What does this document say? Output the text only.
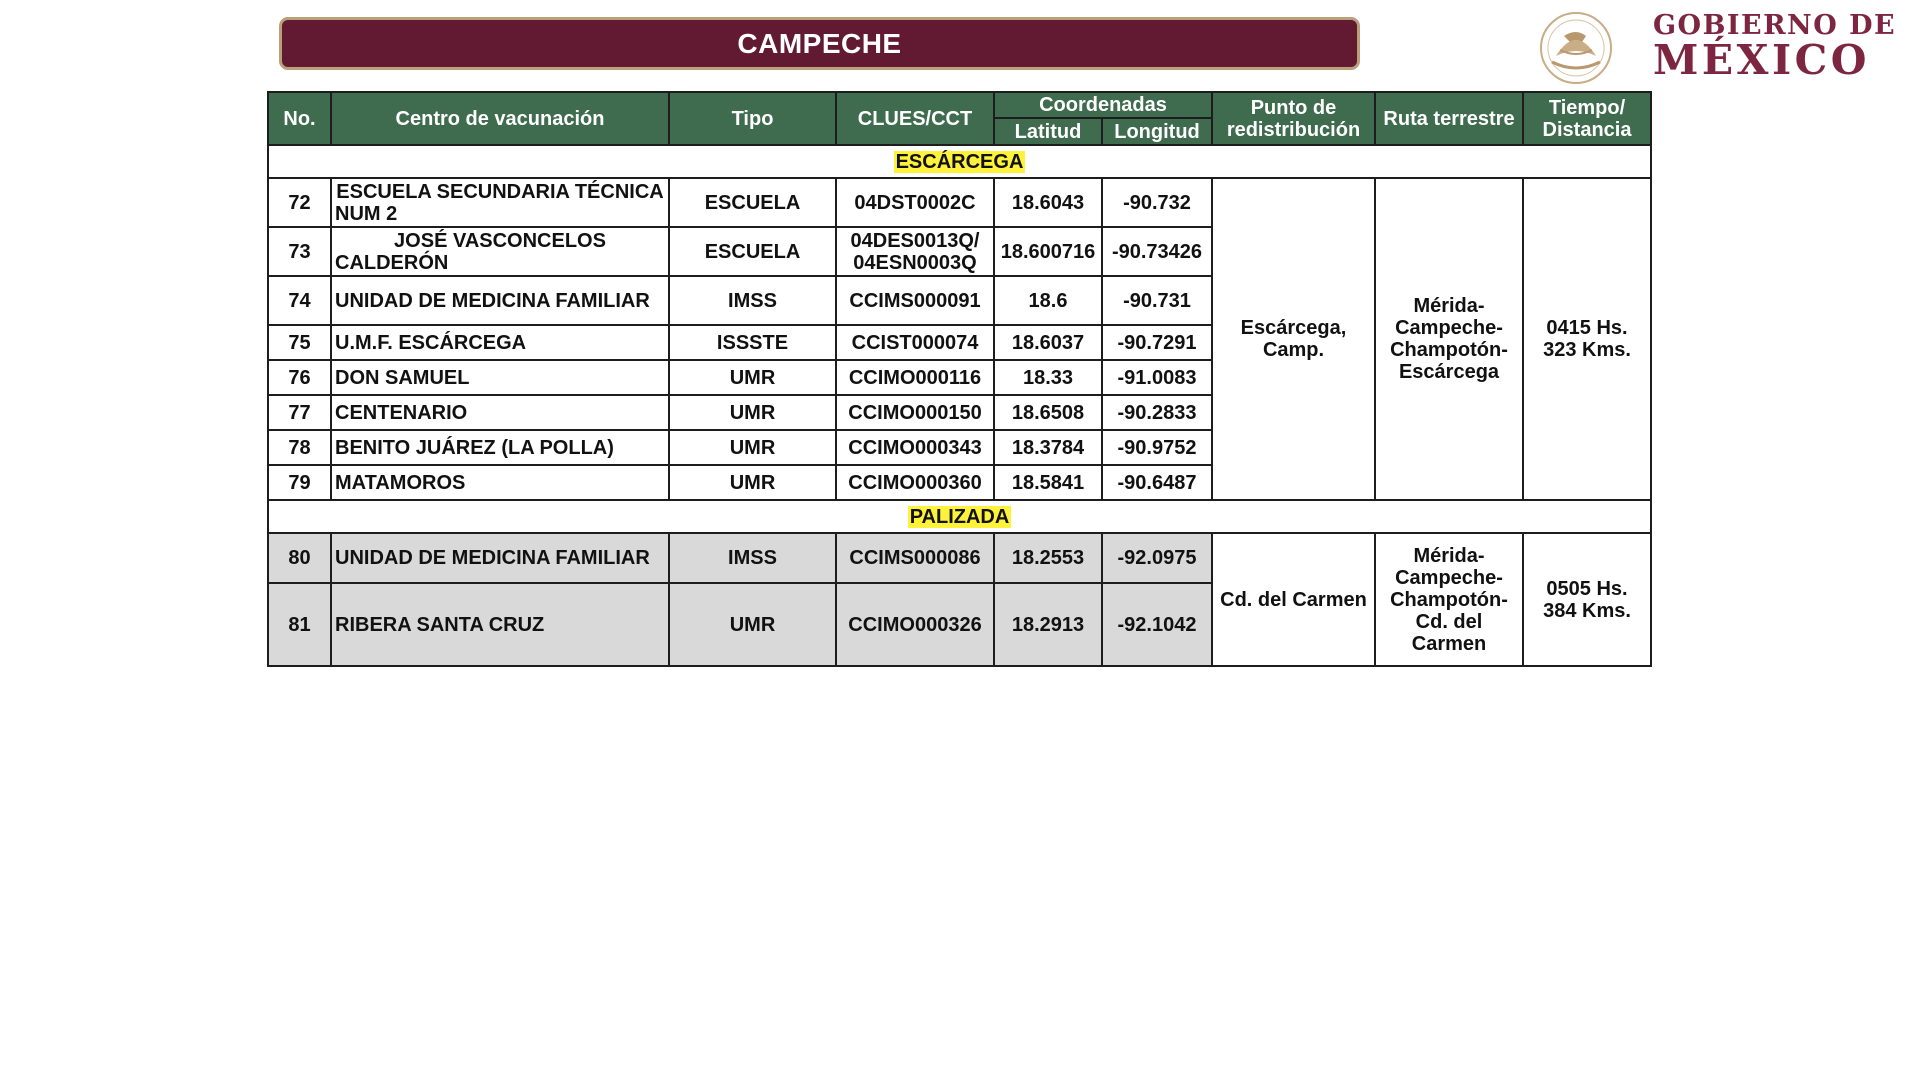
CAMPECHE
GOBIERNO DE
MÉXICO
No.	Centro de vacunación	Tipo	CLUES/CCT	Coordenadas		Punto de redistribución	Ruta terrestre	Tiempo/ Distancia
				Latitud	Longitud			
ESCÁRCEGA								
72	ESCUELA SECUNDARIA TÉCNICA NUM 2	ESCUELA	04DST0002C	18.6043	-90.732	Escárcega, Camp.	Mérida-Campeche-Champotón-Escárcega	0415 Hs. 323 Kms.
73	JOSÉ VASCONCELOS CALDERÓN	ESCUELA	04DES0013Q/ 04ESN0003Q	18.600716	-90.73426			
74	UNIDAD DE MEDICINA FAMILIAR	IMSS	CCIMS000091	18.6	-90.731			
75	U.M.F. ESCÁRCEGA	ISSSTE	CCIST000074	18.6037	-90.7291			
76	DON SAMUEL	UMR	CCIMO000116	18.33	-91.0083			
77	CENTENARIO	UMR	CCIMO000150	18.6508	-90.2833			
78	BENITO JUÁREZ (LA POLLA)	UMR	CCIMO000343	18.3784	-90.9752			
79	MATAMOROS	UMR	CCIMO000360	18.5841	-90.6487			
PALIZADA								
80	UNIDAD DE MEDICINA FAMILIAR	IMSS	CCIMS000086	18.2553	-92.0975	Cd. del Carmen	Mérida-Campeche-Champotón-Cd. del Carmen	0505 Hs. 384 Kms.
81	RIBERA SANTA CRUZ	UMR	CCIMO000326	18.2913	-92.1042			
